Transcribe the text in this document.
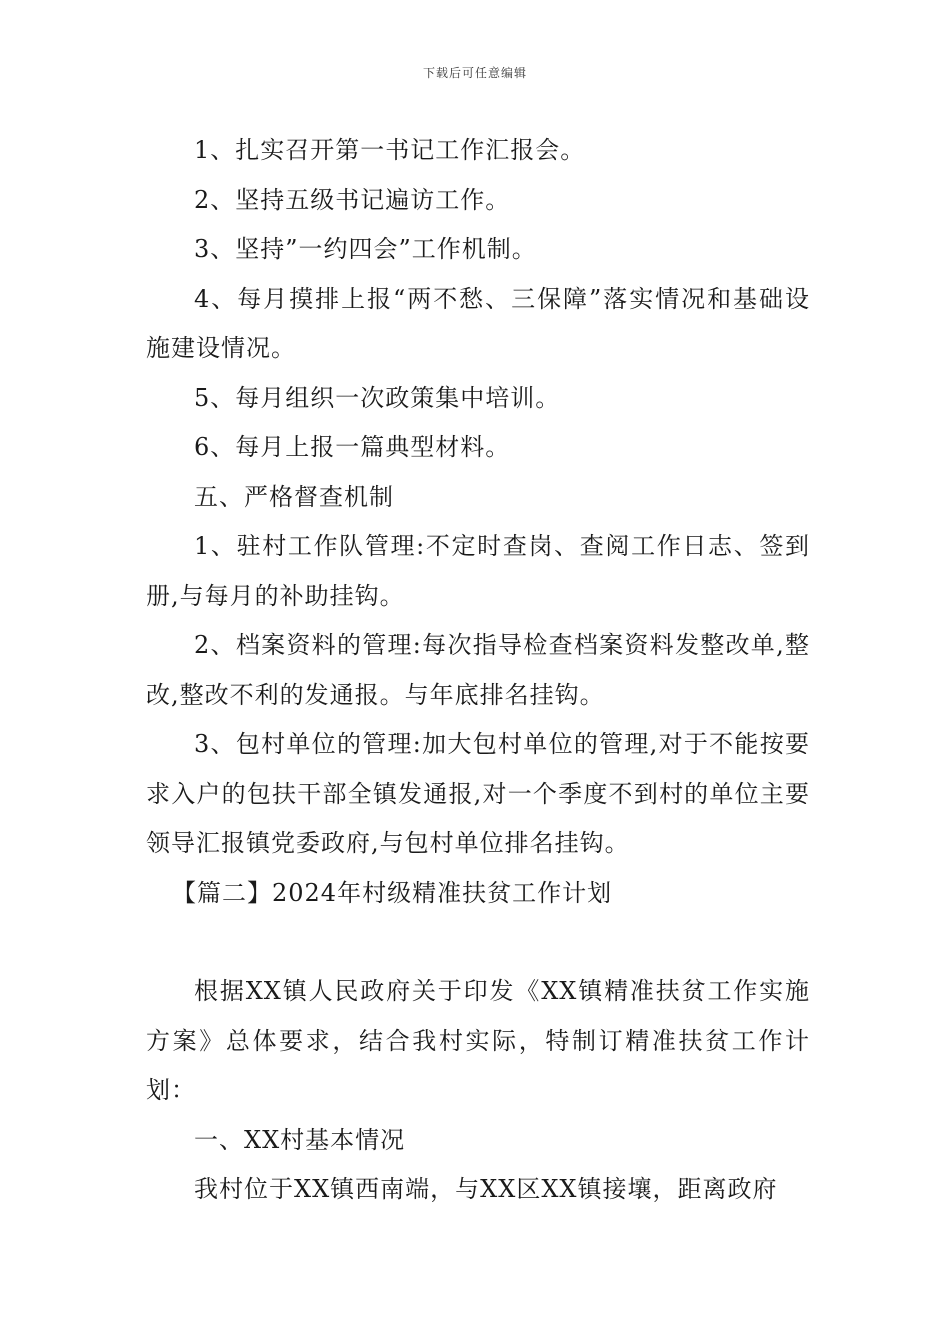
下载后可任意编辑

1、扎实召开第一书记工作汇报会。

2、坚持五级书记遍访工作。

3、坚持”一约四会”工作机制。

4、每月摸排上报“两不愁、三保障”落实情况和基础设施建设情况。

5、每月组织一次政策集中培训。

6、每月上报一篇典型材料。

五、严格督查机制

1、驻村工作队管理:不定时查岗、查阅工作日志、签到册,与每月的补助挂钩。

2、档案资料的管理:每次指导检查档案资料发整改单,整改,整改不利的发通报。与年底排名挂钩。

3、包村单位的管理:加大包村单位的管理,对于不能按要求入户的包扶干部全镇发通报,对一个季度不到村的单位主要领导汇报镇党委政府,与包村单位排名挂钩。

【篇二】2024年村级精准扶贫工作计划

根据XX镇人民政府关于印发《XX镇精准扶贫工作实施方案》总体要求，结合我村实际，特制订精准扶贫工作计划：

一、XX村基本情况

我村位于XX镇西南端，与XX区XX镇接壤，距离政府
